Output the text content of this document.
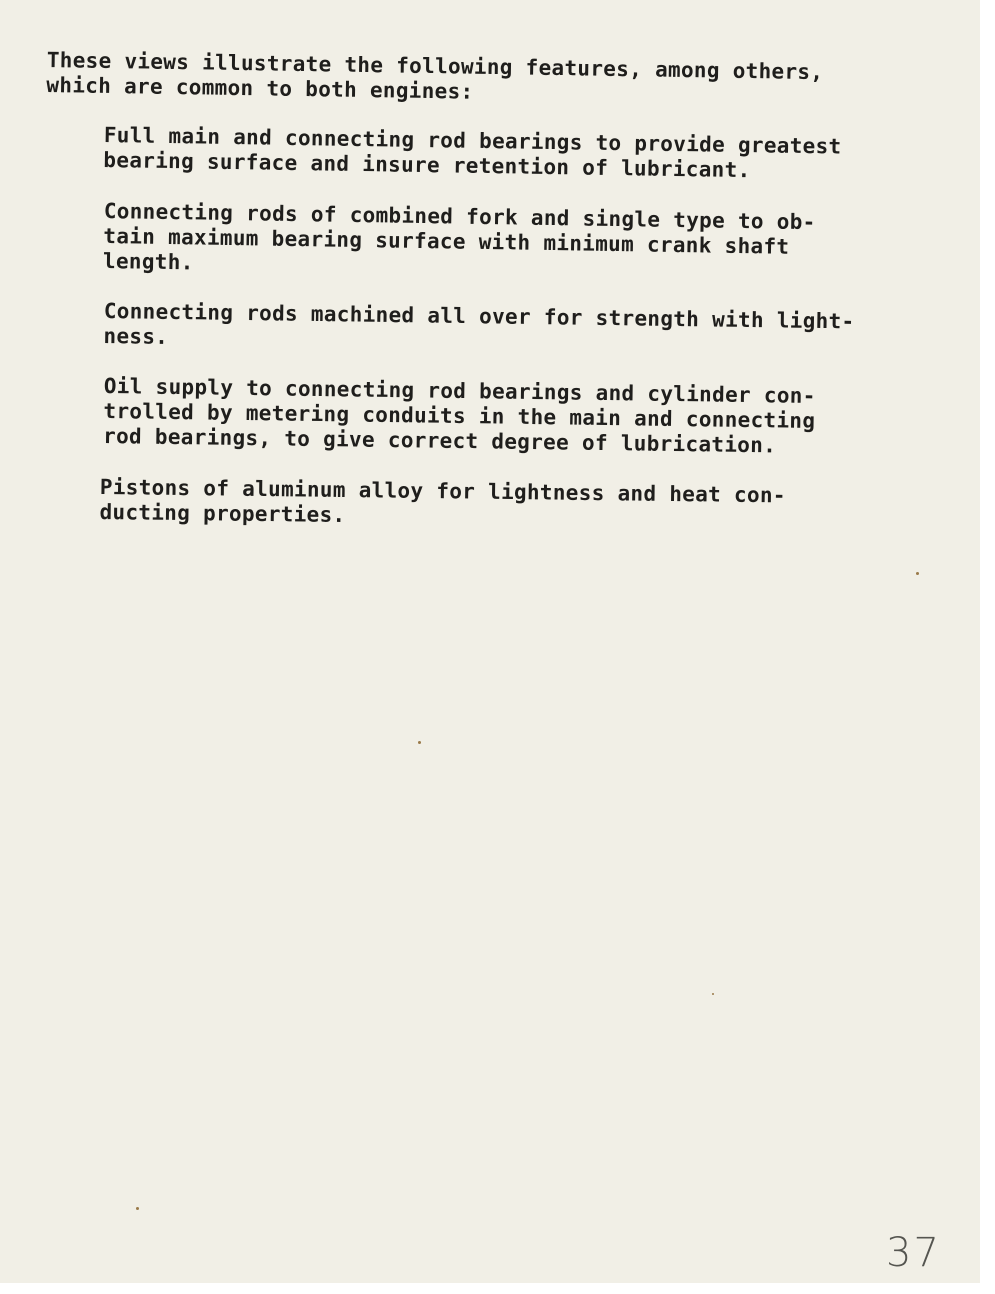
These views illustrate the following features, among others,
which are common to both engines:

Full main and connecting rod bearings to provide greatest
bearing surface and insure retention of lubricant.

Connecting rods of combined fork and single type to ob-
tain maximum bearing surface with minimum crank shaft
length.

Connecting rods machined all over for strength with light-
ness.

Oil supply to connecting rod bearings and cylinder con-
trolled by metering conduits in the main and connecting
rod bearings, to give correct degree of lubrication.

Pistons of aluminum alloy for lightness and heat con-
ducting properties.

37
